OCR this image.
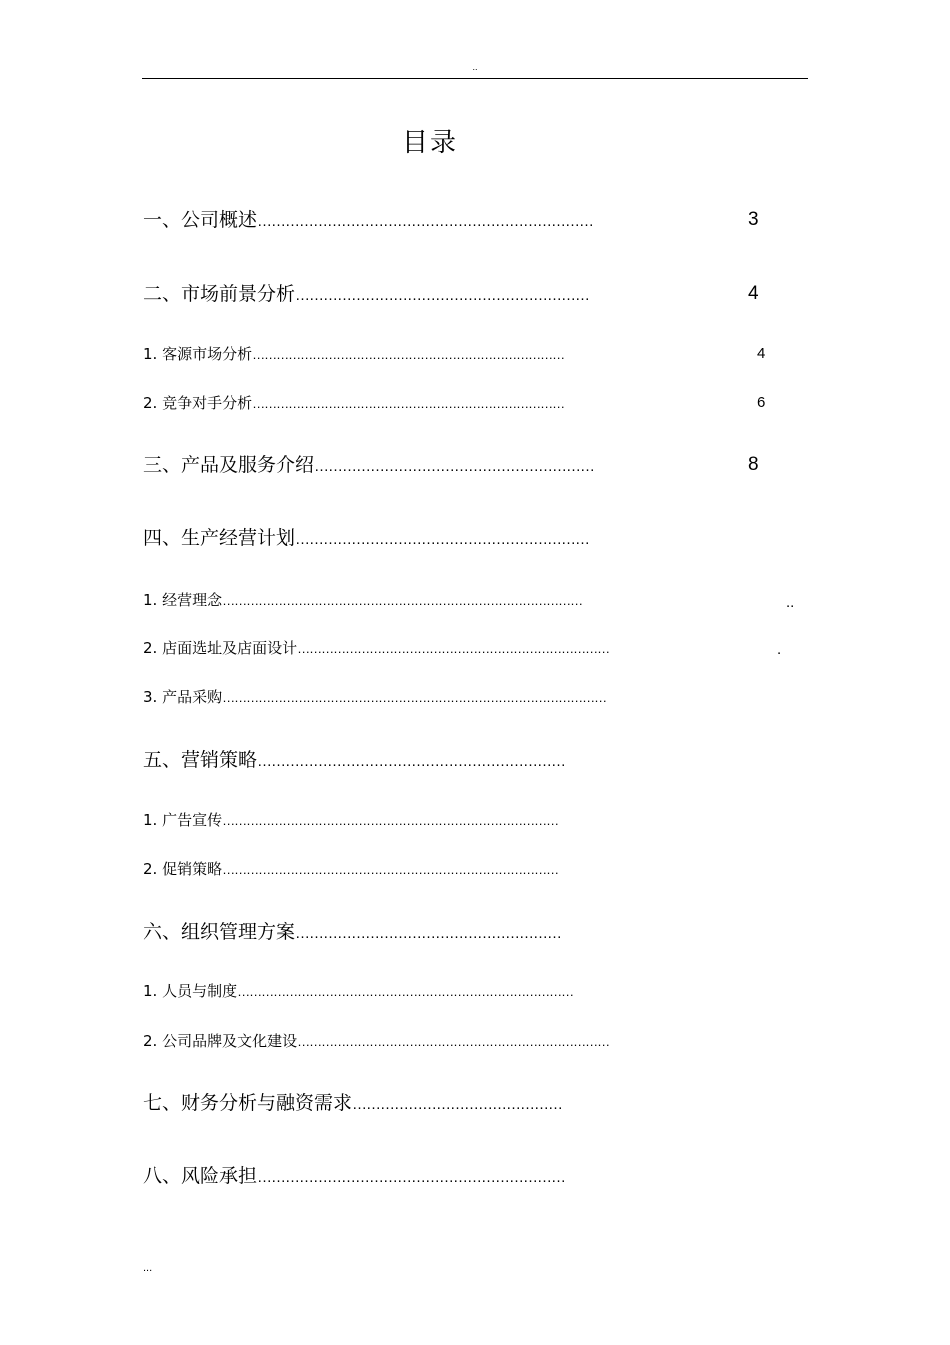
..
目录
一、公司概述………………………………………………………………	3
二、市场前景分析………………………………………………………	4
1. 客源市场分析……………………………………………………………………	4
2. 竞争对手分析……………………………………………………………………	6
三、产品及服务介绍……………………………………………………	8
四、生产经营计划………………………………………………………
1. 经营理念………………………………………………………………………………	..
2. 店面选址及店面设计……………………………………………………………………	.
3. 产品采购……………………………………………………………………………………
五、营销策略…………………………………………………………
1. 广告宣传…………………………………………………………………………
2. 促销策略…………………………………………………………………………
六、组织管理方案…………………………………………………
1. 人员与制度…………………………………………………………………………
2. 公司品牌及文化建设……………………………………………………………………
七、财务分析与融资需求………………………………………
八、风险承担…………………………………………………………
...
